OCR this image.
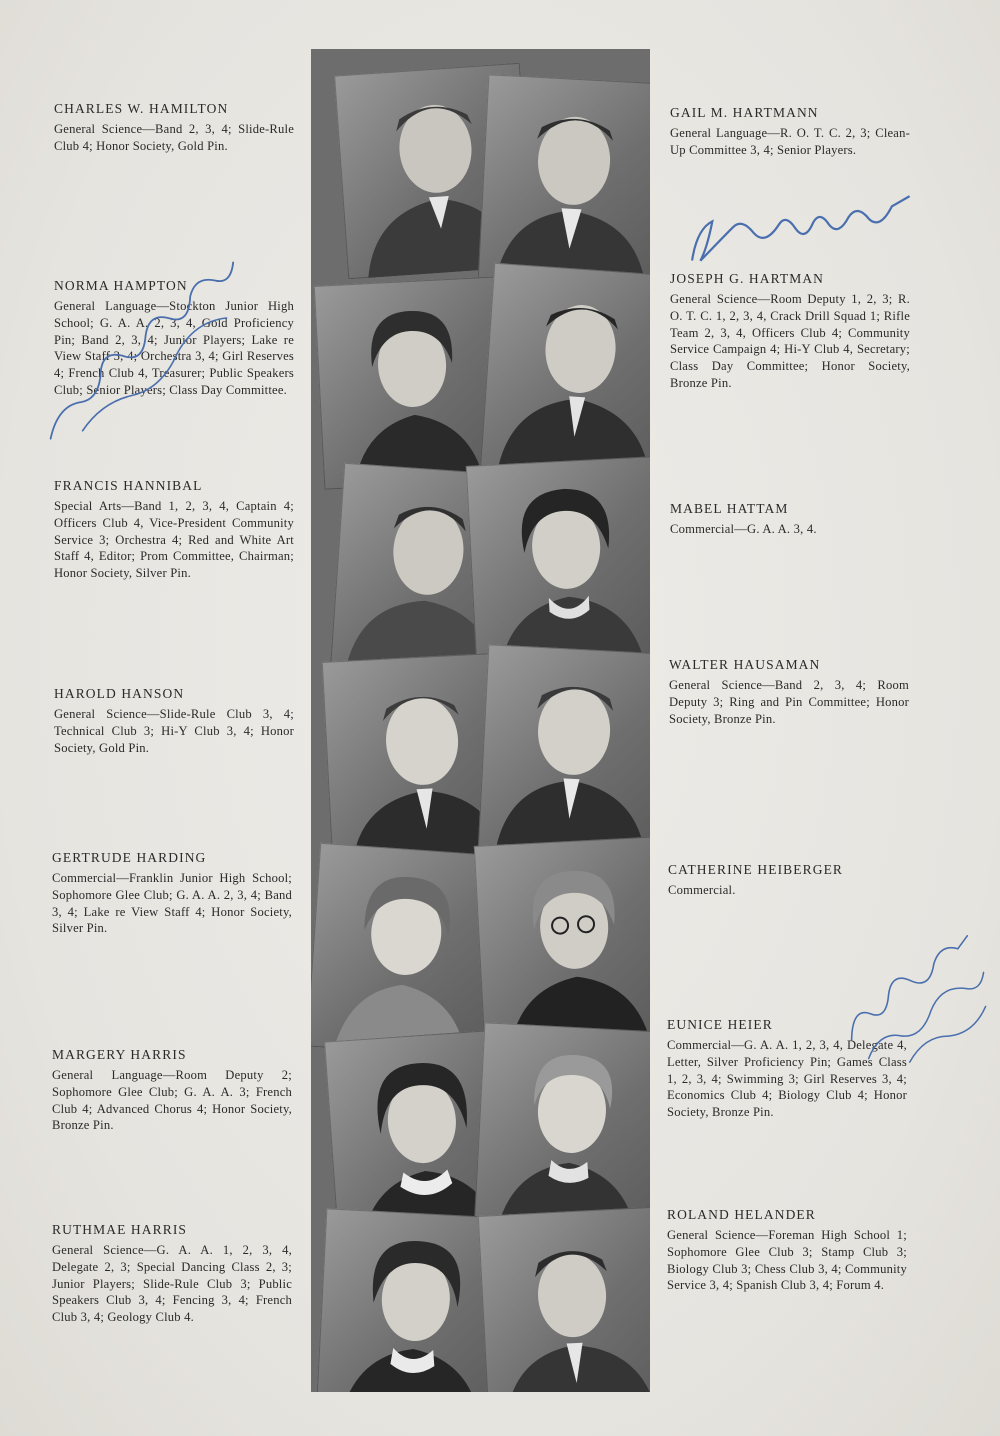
CHARLES W. HAMILTON

General Science—Band 2, 3, 4; Slide-Rule Club 4; Honor Society, Gold Pin.

NORMA HAMPTON

General Language—Stockton Junior High School; G. A. A. 2, 3, 4, Gold Proficiency Pin; Band 2, 3, 4; Junior Players; Lake re View Staff 3, 4; Orchestra 3, 4; Girl Reserves 4; French Club 4, Treasurer; Public Speakers Club; Senior Players; Class Day Committee.

FRANCIS HANNIBAL

Special Arts—Band 1, 2, 3, 4, Captain 4; Officers Club 4, Vice-President Community Service 3; Orchestra 4; Red and White Art Staff 4, Editor; Prom Committee, Chairman; Honor Society, Silver Pin.

HAROLD HANSON

General Science—Slide-Rule Club 3, 4; Technical Club 3; Hi-Y Club 3, 4; Honor Society, Gold Pin.

GERTRUDE HARDING

Commercial—Franklin Junior High School; Sophomore Glee Club; G. A. A. 2, 3, 4; Band 3, 4; Lake re View Staff 4; Honor Society, Silver Pin.

MARGERY HARRIS

General Language—Room Deputy 2; Sophomore Glee Club; G. A. A. 3; French Club 4; Advanced Chorus 4; Honor Society, Bronze Pin.

RUTHMAE HARRIS

General Science—G. A. A. 1, 2, 3, 4, Delegate 2, 3; Special Dancing Class 2, 3; Junior Players; Slide-Rule Club 3; Public Speakers Club 3, 4; Fencing 3, 4; French Club 3, 4; Geology Club 4.

GAIL M. HARTMANN

General Language—R. O. T. C. 2, 3; Clean-Up Committee 3, 4; Senior Players.

JOSEPH G. HARTMAN

General Science—Room Deputy 1, 2, 3; R. O. T. C. 1, 2, 3, 4, Crack Drill Squad 1; Rifle Team 2, 3, 4, Officers Club 4; Community Service Campaign 4; Hi-Y Club 4, Secretary; Class Day Committee; Honor Society, Bronze Pin.

MABEL HATTAM

Commercial—G. A. A. 3, 4.

WALTER HAUSAMAN

General Science—Band 2, 3, 4; Room Deputy 3; Ring and Pin Committee; Honor Society, Bronze Pin.

CATHERINE HEIBERGER

Commercial.

EUNICE HEIER

Commercial—G. A. A. 1, 2, 3, 4, Delegate 4, Letter, Silver Proficiency Pin; Games Class 1, 2, 3, 4; Swimming 3; Girl Reserves 3, 4; Economics Club 4; Biology Club 4; Honor Society, Bronze Pin.

ROLAND HELANDER

General Science—Foreman High School 1; Sophomore Glee Club 3; Stamp Club 3; Biology Club 3; Chess Club 3, 4; Community Service 3, 4; Spanish Club 3, 4; Forum 4.
